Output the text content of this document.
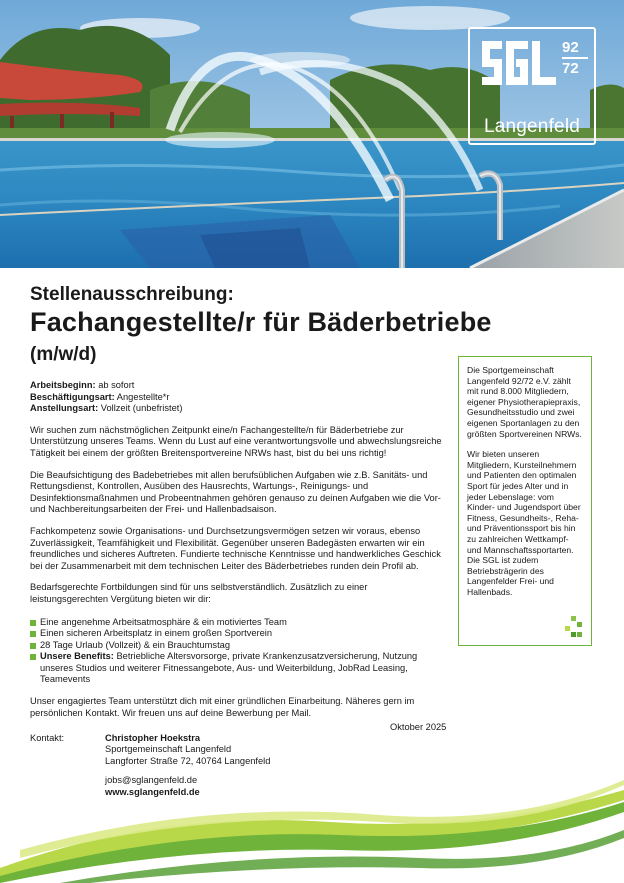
92
72
Langenfeld
Stellenausschreibung:
Fachangestellte/r für Bäderbetriebe
(m/w/d)
Arbeitsbeginn: ab sofort
Beschäftigungsart: Angestellte*r
Anstellungsart: Vollzeit (unbefristet)

Wir suchen zum nächstmöglichen Zeitpunkt eine/n Fachangestellte/n für Bäderbetriebe zur Unterstützung unseres Teams. Wenn du Lust auf eine verantwortungsvolle und abwechslungsreiche Tätigkeit bei einem der größten Breitensportvereine NRWs hast, bist du bei uns richtig!

Die Beaufsichtigung des Badebetriebes mit allen berufsüblichen Aufgaben wie z.B. Sanitäts- und Rettungsdienst, Kontrollen, Ausüben des Hausrechts, Wartungs-, Reinigungs- und Desinfektionsmaßnahmen und Probeentnahmen gehören genauso zu deinen Aufgaben wie die Vor- und Nachbereitungsarbeiten der Frei- und Hallenbadsaison.

Fachkompetenz sowie Organisations- und Durchsetzungsvermögen setzen wir voraus, ebenso Zuverlässigkeit, Teamfähigkeit und Flexibilität. Gegenüber unseren Badegästen erwarten wir ein freundliches und sicheres Auftreten. Fundierte technische Kenntnisse und handwerkliches Geschick bei der Zusammenarbeit mit dem technischen Leiter des Bäderbetriebes runden dein Profil ab.

Bedarfsgerechte Fortbildungen sind für uns selbstverständlich. Zusätzlich zu einer leistungsgerechten Vergütung bieten wir dir:

Eine angenehme Arbeitsatmosphäre & ein motiviertes Team
Einen sicheren Arbeitsplatz in einem großen Sportverein
28 Tage Urlaub (Vollzeit) & ein Brauchtumstag
Unsere Benefits: Betriebliche Altersvorsorge, private Krankenzusatzversicherung, Nutzung unseres Studios und weiterer Fitnessangebote, Aus- und Weiterbildung, JobRad Leasing, Teamevents

Unser engagiertes Team unterstützt dich mit einer gründlichen Einarbeitung. Näheres gern im persönlichen Kontakt. Wir freuen uns auf deine Bewerbung per Mail.

Oktober 2025
Kontakt:	Christopher Hoekstra
Sportgemeinschaft Langenfeld
Langforter Straße 72, 40764 Langenfeld
jobs@sglangenfeld.de
www.sglangenfeld.de

Die Sportgemeinschaft Langenfeld 92/72 e.V. zählt mit rund 8.000 Mitgliedern, eigener Physiotherapiepraxis, Gesundheitsstudio und zwei eigenen Sportanlagen zu den größten Sportvereinen NRWs.

Wir bieten unseren Mitgliedern, Kursteilnehmern und Patienten den optimalen Sport für jedes Alter und in jeder Lebenslage: vom Kinder- und Jugendsport über Fitness, Gesundheits-, Reha- und Präventionssport bis hin zu zahlreichen Wettkampf- und Mannschaftssportarten. Die SGL ist zudem Betriebsträgerin des Langenfelder Frei- und Hallenbads.
